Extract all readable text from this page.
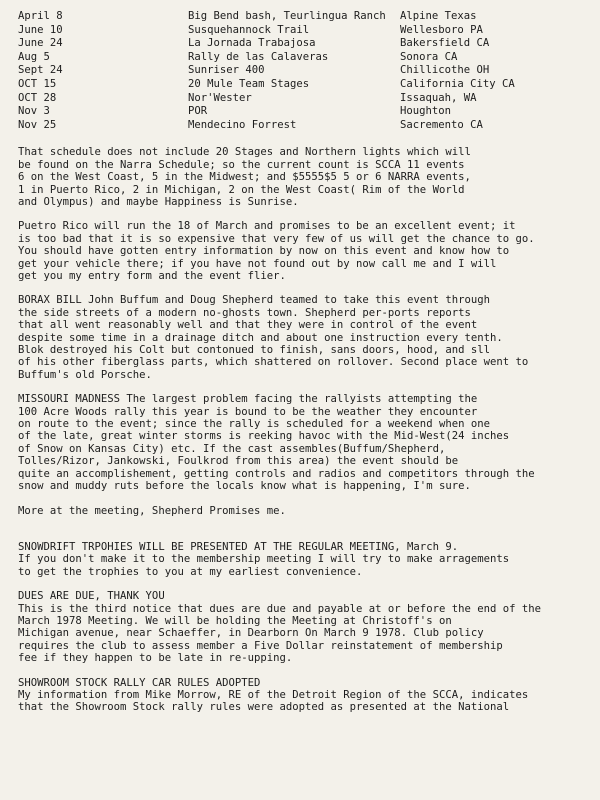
April 8	Big Bend bash, Teurlingua Ranch	Alpine Texas
June 10	Susquehannock Trail	Wellesboro PA
June 24	La Jornada Trabajosa	Bakersfield CA
Aug 5	Rally de las Calaveras	Sonora CA
Sept 24	Sunriser 400	Chillicothe OH
OCT 15	20 Mule Team Stages	California City CA
OCT 28	Nor'Wester	Issaquah, WA
Nov 3	POR	Houghton
Nov 25	Mendecino Forrest	Sacremento CA

That schedule does not include 20 Stages and Northern lights which will

be found on the Narra Schedule; so the current count is SCCA 11 events

6 on the West Coast, 5 in the Midwest; and $5555$5 5 or 6 NARRA events,

1 in Puerto Rico, 2 in Michigan, 2 on the West Coast( Rim of the World

and Olympus) and maybe Happiness is Sunrise.

Puetro Rico will run the 18 of March and promises to be an excellent event; it

is too bad that it is so expensive that very few of us will get the chance to go.

You should have gotten entry information by now on this event and know how to

get your vehicle there; if you have not found out by now call me and I will

get you my entry form and the event flier.

BORAX BILL John Buffum and Doug Shepherd teamed to take this event through

the side streets of a modern no-ghosts town. Shepherd per-ports reports

that all went reasonably well and that they were in control of the event

despite some time in a drainage ditch and about one instruction every tenth.

Blok destroyed his Colt but contonued to finish, sans doors, hood, and sll

of his other fiberglass parts, which shattered on rollover. Second place went to

Buffum's old Porsche.

MISSOURI MADNESS The largest problem facing the rallyists attempting the

100 Acre Woods rally this year is bound to be the weather they encounter

on route to the event; since the rally is scheduled for a weekend when one

of the late, great winter storms is reeking havoc with the Mid-West(24 inches

of Snow on Kansas City) etc. If the cast assembles(Buffum/Shepherd,

Tolles/Rizor, Jankowski, Foulkrod from this area) the event should be

quite an accomplishement, getting controls and radios and competitors through the

snow and muddy ruts before the locals know what is happening, I'm sure.

More at the meeting, Shepherd Promises me.

SNOWDRIFT TRPOHIES WILL BE PRESENTED AT THE REGULAR MEETING, March 9.

If you don't make it to the membership meeting I will try to make arragements

to get the trophies to you at my earliest convenience.

DUES ARE DUE, THANK YOU

This is the third notice that dues are due and payable at or before the end of the

March 1978 Meeting. We will be holding the Meeting at Christoff's on

Michigan avenue, near Schaeffer, in Dearborn On March 9 1978. Club policy

requires the club to assess member a Five Dollar reinstatement of membership

fee if they happen to be late in re-upping.

SHOWROOM STOCK RALLY CAR RULES ADOPTED

My information from Mike Morrow, RE of the Detroit Region of the SCCA, indicates

that the Showroom Stock rally rules were adopted as presented at the National
